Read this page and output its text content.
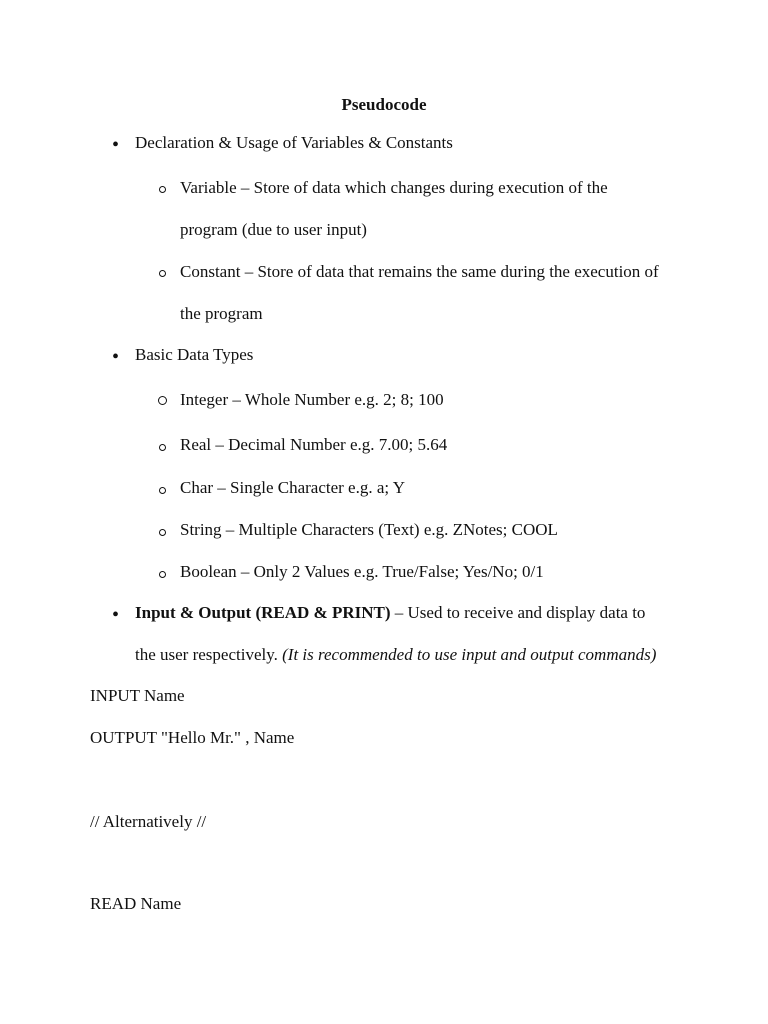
Pseudocode
• Declaration & Usage of Variables & Constants
Variable – Store of data which changes during execution of the
program (due to user input)
Constant – Store of data that remains the same during the execution of
the program
• Basic Data Types
Integer – Whole Number e.g. 2; 8; 100
Real – Decimal Number e.g. 7.00; 5.64
Char – Single Character e.g. a; Y
String – Multiple Characters (Text) e.g. ZNotes; COOL
Boolean – Only 2 Values e.g. True/False; Yes/No; 0/1
• Input & Output (READ & PRINT) – Used to receive and display data to
the user respectively. (It is recommended to use input and output commands)
INPUT Name
OUTPUT "Hello Mr." , Name
// Alternatively //
READ Name
